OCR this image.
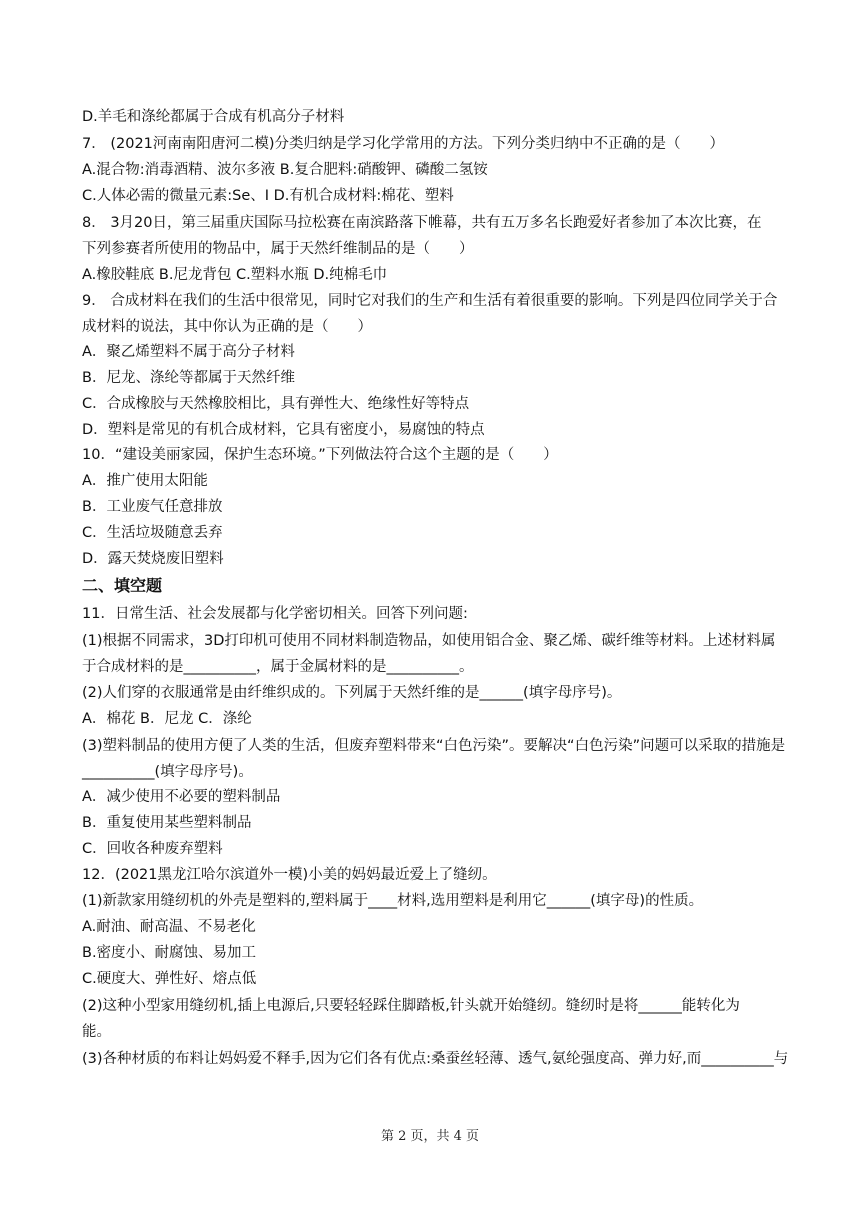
D.羊毛和涤纶都属于合成有机高分子材料
7． (2021河南南阳唐河二模)分类归纳是学习化学常用的方法。下列分类归纳中不正确的是（　　）
A.混合物:消毒酒精、波尔多液 B.复合肥料:硝酸钾、磷酸二氢铵
C.人体必需的微量元素:Se、I D.有机合成材料:棉花、塑料
8． 3月20日，第三届重庆国际马拉松赛在南滨路落下帷幕，共有五万多名长跑爱好者参加了本次比赛，在
下列参赛者所使用的物品中，属于天然纤维制品的是（　　）
A.橡胶鞋底 B.尼龙背包 C.塑料水瓶 D.纯棉毛巾
9． 合成材料在我们的生活中很常见，同时它对我们的生产和生活有着很重要的影响。下列是四位同学关于合
成材料的说法，其中你认为正确的是（　　）
A．聚乙烯塑料不属于高分子材料
B．尼龙、涤纶等都属于天然纤维
C．合成橡胶与天然橡胶相比，具有弹性大、绝缘性好等特点
D．塑料是常见的有机合成材料，它具有密度小，易腐蚀的特点
10．“建设美丽家园，保护生态环境。”下列做法符合这个主题的是（　　）
A．推广使用太阳能
B．工业废气任意排放
C．生活垃圾随意丢弃
D．露天焚烧废旧塑料
二、填空题
11．日常生活、社会发展都与化学密切相关。回答下列问题:
(1)根据不同需求，3D打印机可使用不同材料制造物品，如使用铝合金、聚乙烯、碳纤维等材料。上述材料属
于合成材料的是__________，属于金属材料的是__________。
(2)人们穿的衣服通常是由纤维织成的。下列属于天然纤维的是______(填字母序号)。
A．棉花 B．尼龙 C．涤纶
(3)塑料制品的使用方便了人类的生活，但废弃塑料带来“白色污染”。要解决“白色污染”问题可以采取的措施是
__________(填字母序号)。
A．减少使用不必要的塑料制品
B．重复使用某些塑料制品
C．回收各种废弃塑料
12．(2021黑龙江哈尔滨道外一模)小美的妈妈最近爱上了缝纫。
(1)新款家用缝纫机的外壳是塑料的,塑料属于____材料,选用塑料是利用它______(填字母)的性质。
A.耐油、耐高温、不易老化
B.密度小、耐腐蚀、易加工
C.硬度大、弹性好、熔点低
(2)这种小型家用缝纫机,插上电源后,只要轻轻踩住脚踏板,针头就开始缝纫。缝纫时是将______能转化为
能。
(3)各种材质的布料让妈妈爱不释手,因为它们各有优点:桑蚕丝轻薄、透气,氨纶强度高、弹力好,而__________与
第 2 页，共 4 页
